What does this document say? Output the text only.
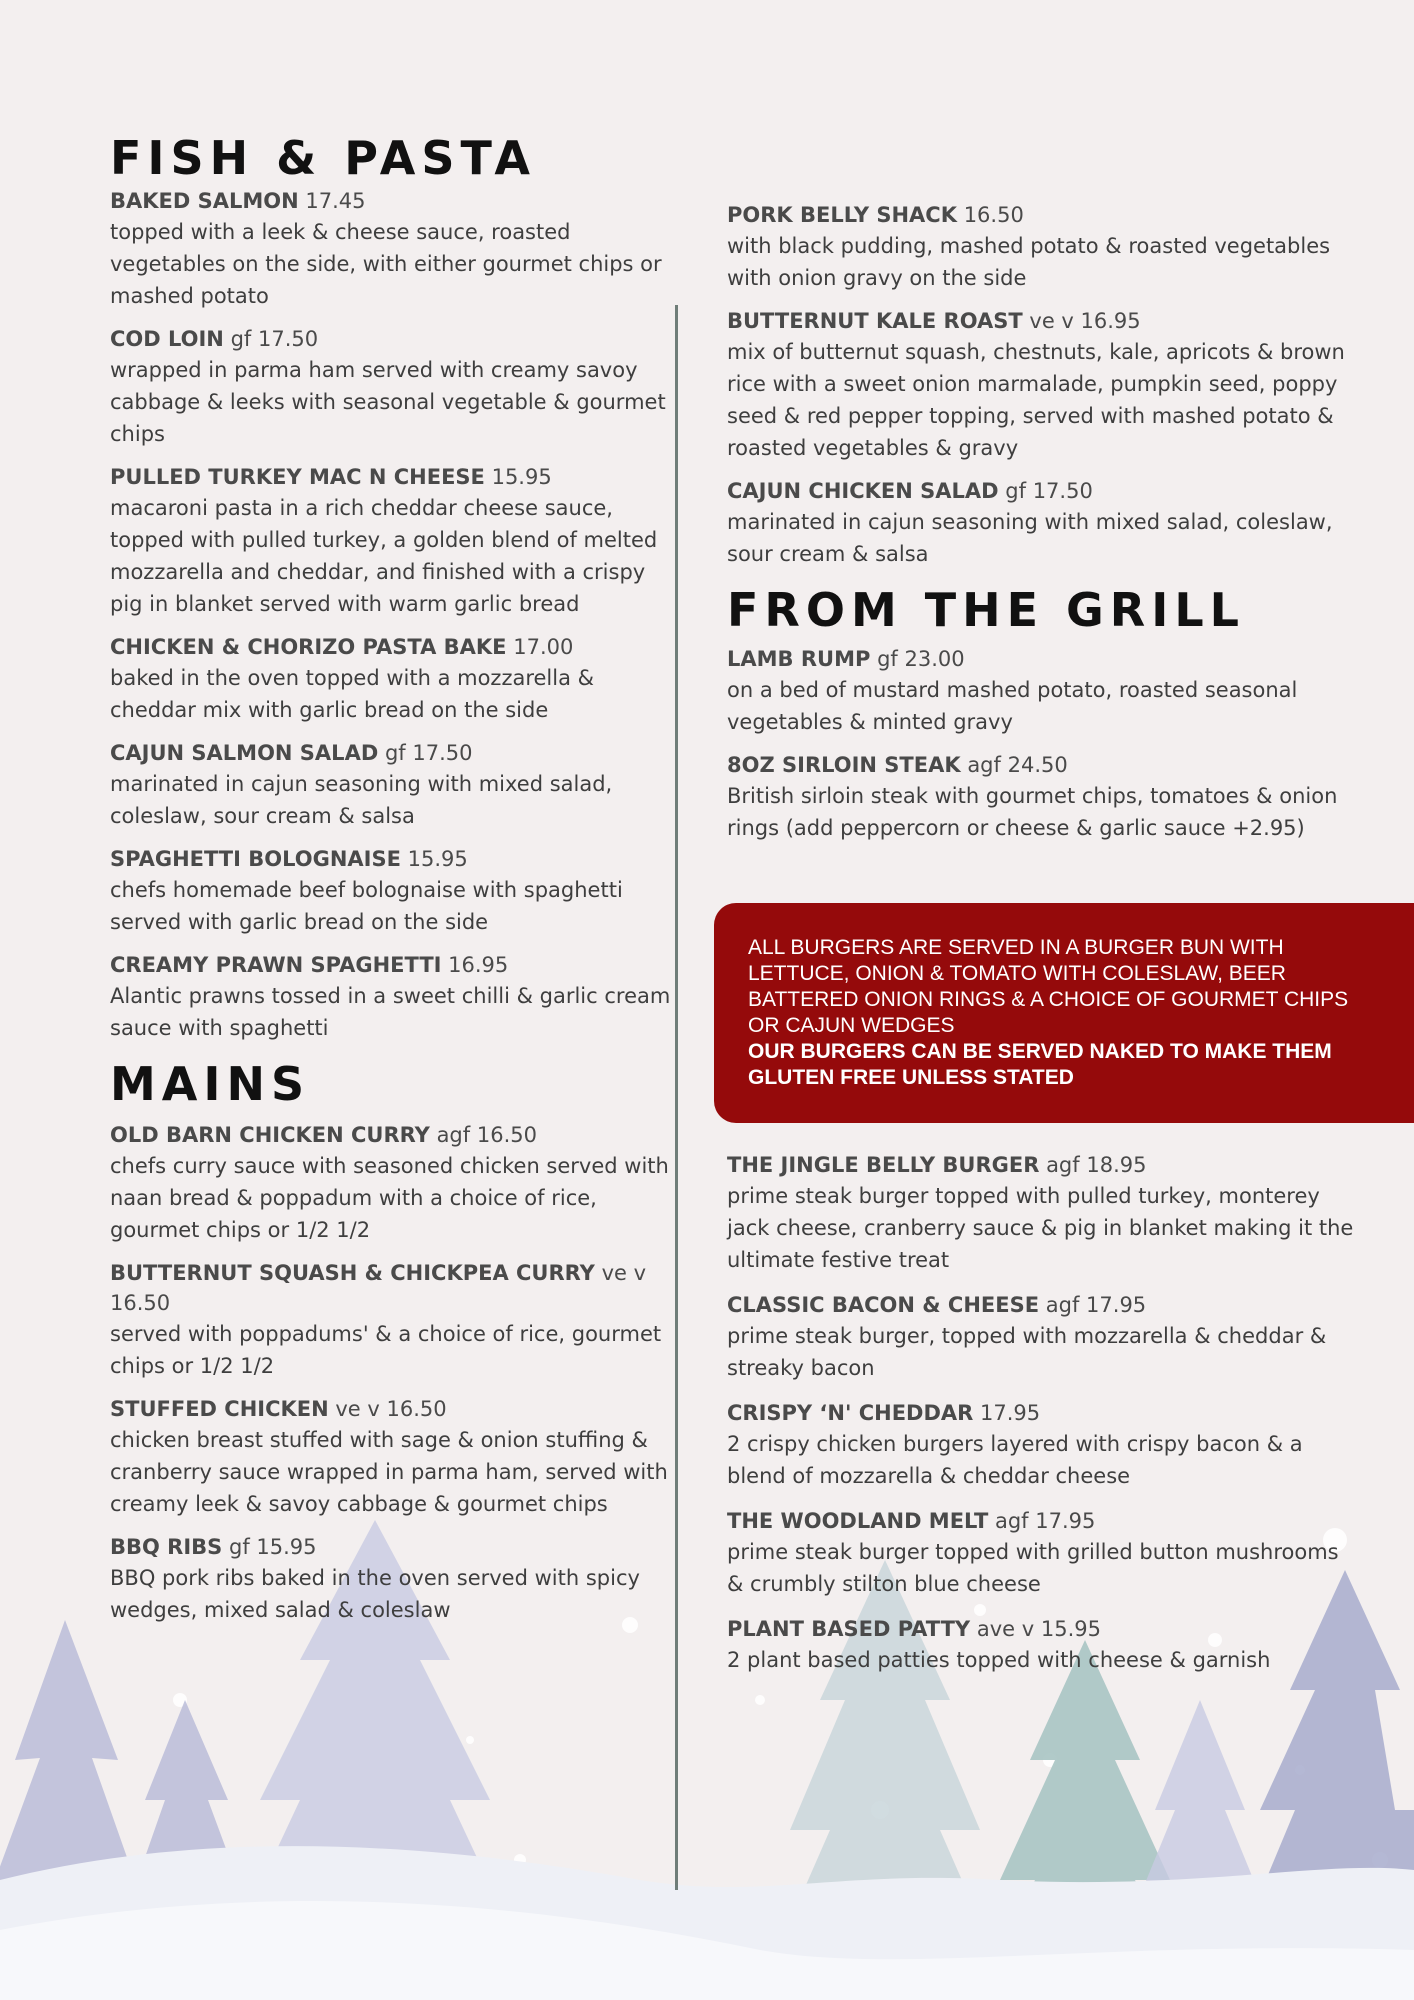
FISH & PASTA
BAKED SALMON 17.45

topped with a leek & cheese sauce, roasted vegetables on the side, with either gourmet chips or mashed potato

COD LOIN gf 17.50

wrapped in parma ham served with creamy savoy cabbage & leeks with seasonal vegetable & gourmet chips

PULLED TURKEY MAC N CHEESE 15.95

macaroni pasta in a rich cheddar cheese sauce, topped with pulled turkey, a golden blend of melted mozzarella and cheddar, and finished with a crispy pig in blanket served with warm garlic bread

CHICKEN & CHORIZO PASTA BAKE 17.00

baked in the oven topped with a mozzarella & cheddar mix with garlic bread on the side

CAJUN SALMON SALAD gf 17.50

marinated in cajun seasoning with mixed salad, coleslaw, sour cream & salsa

SPAGHETTI BOLOGNAISE 15.95

chefs homemade beef bolognaise with spaghetti served with garlic bread on the side

CREAMY PRAWN SPAGHETTI 16.95

Alantic prawns tossed in a sweet chilli & garlic cream sauce with spaghetti

MAINS
OLD BARN CHICKEN CURRY agf 16.50

chefs curry sauce with seasoned chicken served with naan bread & poppadum with a choice of rice, gourmet chips or 1/2 1/2

BUTTERNUT SQUASH & CHICKPEA CURRY ve v 16.50

served with poppadums' & a choice of rice, gourmet chips or 1/2 1/2

STUFFED CHICKEN ve v 16.50

chicken breast stuffed with sage & onion stuffing & cranberry sauce wrapped in parma ham, served with creamy leek & savoy cabbage & gourmet chips

BBQ RIBS gf 15.95

BBQ pork ribs baked in the oven served with spicy wedges, mixed salad & coleslaw

PORK BELLY SHACK 16.50

with black pudding, mashed potato & roasted vegetables with onion gravy on the side

BUTTERNUT KALE ROAST ve v 16.95

mix of butternut squash, chestnuts, kale, apricots & brown rice with a sweet onion marmalade, pumpkin seed, poppy seed & red pepper topping, served with mashed potato & roasted vegetables & gravy

CAJUN CHICKEN SALAD gf 17.50

marinated in cajun seasoning with mixed salad, coleslaw, sour cream & salsa

FROM THE GRILL
LAMB RUMP gf 23.00

on a bed of mustard mashed potato, roasted seasonal vegetables & minted gravy

8OZ SIRLOIN STEAK agf 24.50

British sirloin steak with gourmet chips, tomatoes & onion rings (add peppercorn or cheese & garlic sauce +2.95)

ALL BURGERS ARE SERVED IN A BURGER BUN WITH LETTUCE, ONION & TOMATO WITH COLESLAW, BEER BATTERED ONION RINGS & A CHOICE OF GOURMET CHIPS OR CAJUN WEDGES
OUR BURGERS CAN BE SERVED NAKED TO MAKE THEM GLUTEN FREE UNLESS STATED
THE JINGLE BELLY BURGER agf 18.95

prime steak burger topped with pulled turkey, monterey jack cheese, cranberry sauce & pig in blanket making it the ultimate festive treat

CLASSIC BACON & CHEESE agf 17.95

prime steak burger, topped with mozzarella & cheddar & streaky bacon

CRISPY ‘N' CHEDDAR 17.95

2 crispy chicken burgers layered with crispy bacon & a blend of mozzarella & cheddar cheese

THE WOODLAND MELT agf 17.95

prime steak burger topped with grilled button mushrooms & crumbly stilton blue cheese

PLANT BASED PATTY ave v 15.95

2 plant based patties topped with cheese & garnish
